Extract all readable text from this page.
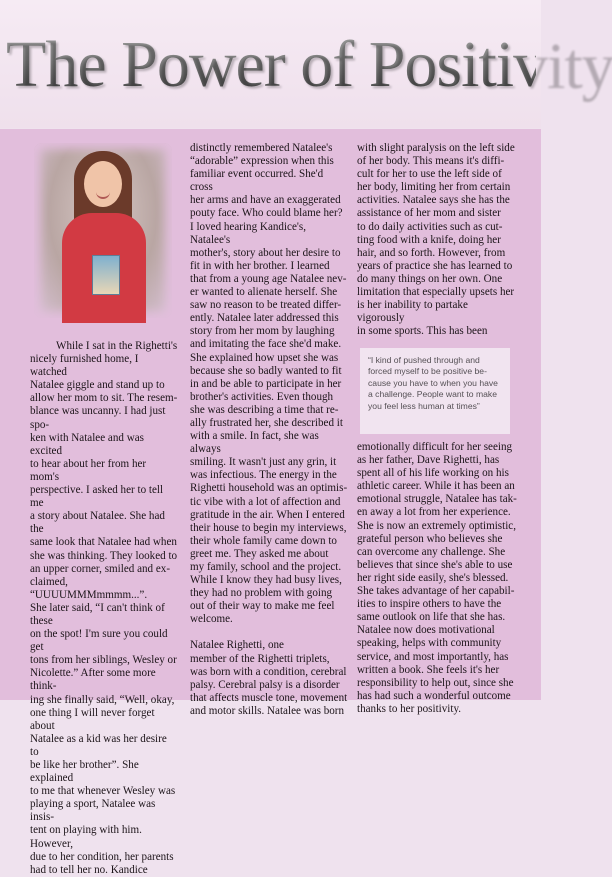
The Power of Positivity

While I sat in the Righetti's
nicely furnished home, I watched
Natalee giggle and stand up to
allow her mom to sit. The resem-
blance was uncanny. I had just spo-
ken with Natalee and was excited
to hear about her from her mom's
perspective. I asked her to tell me
a story about Natalee. She had the
same look that Natalee had when
she was thinking. They looked to
an upper corner, smiled and ex-
claimed, “UUUUMMMmmmm...”.
She later said, “I can't think of these
on the spot! I'm sure you could get
tons from her siblings, Wesley or
Nicolette.” After some more think-
ing she finally said, “Well, okay,
one thing I will never forget about
Natalee as a kid was her desire to
be like her brother”. She explained
to me that whenever Wesley was
playing a sport, Natalee was insis-
tent on playing with him. However,
due to her condition, her parents
had to tell her no. Kandice

distinctly remembered Natalee's
“adorable” expression when this
familiar event occurred. She'd cross
her arms and have an exaggerated
pouty face. Who could blame her?
I loved hearing Kandice's, Natalee's
mother's, story about her desire to
fit in with her brother. I learned
that from a young age Natalee nev-
er wanted to alienate herself. She
saw no reason to be treated differ-
ently. Natalee later addressed this
story from her mom by laughing
and imitating the face she'd make.
She explained how upset she was
because she so badly wanted to fit
in and be able to participate in her
brother's activities. Even though
she was describing a time that re-
ally frustrated her, she described it
with a smile. In fact, she was always
smiling. It wasn't just any grin, it
was infectious. The energy in the
Righetti household was an optimis-
tic vibe with a lot of affection and
gratitude in the air. When I entered
their house to begin my interviews,
their whole family came down to
greet me. They asked me about
my family, school and the project.
While I know they had busy lives,
they had no problem with going
out of their way to make me feel
welcome.

Natalee Righetti, one
member of the Righetti triplets,
was born with a condition, cerebral
palsy. Cerebral palsy is a disorder
that affects muscle tone, movement
and motor skills. Natalee was born

with slight paralysis on the left side
of her body. This means it's diffi-
cult for her to use the left side of
her body, limiting her from certain
activities. Natalee says she has the
assistance of her mom and sister
to do daily activities such as cut-
ting food with a knife, doing her
hair, and so forth. However, from
years of practice she has learned to
do many things on her own. One
limitation that especially upsets her
is her inability to partake vigorously
in some sports. This has been

“I kind of pushed through and
forced myself to be positive be-
cause you have to when you have
a challenge. People want to make
you feel less human at times”

emotionally difficult for her seeing
as her father, Dave Righetti, has
spent all of his life working on his
athletic career. While it has been an
emotional struggle, Natalee has tak-
en away a lot from her experience.
She is now an extremely optimistic,
grateful person who believes she
can overcome any challenge. She
believes that since she's able to use
her right side easily, she's blessed.
She takes advantage of her capabil-
ities to inspire others to have the
same outlook on life that she has.
Natalee now does motivational
speaking, helps with community
service, and most importantly, has
written a book. She feels it's her
responsibility to help out, since she
has had such a wonderful outcome
thanks to her positivity.
